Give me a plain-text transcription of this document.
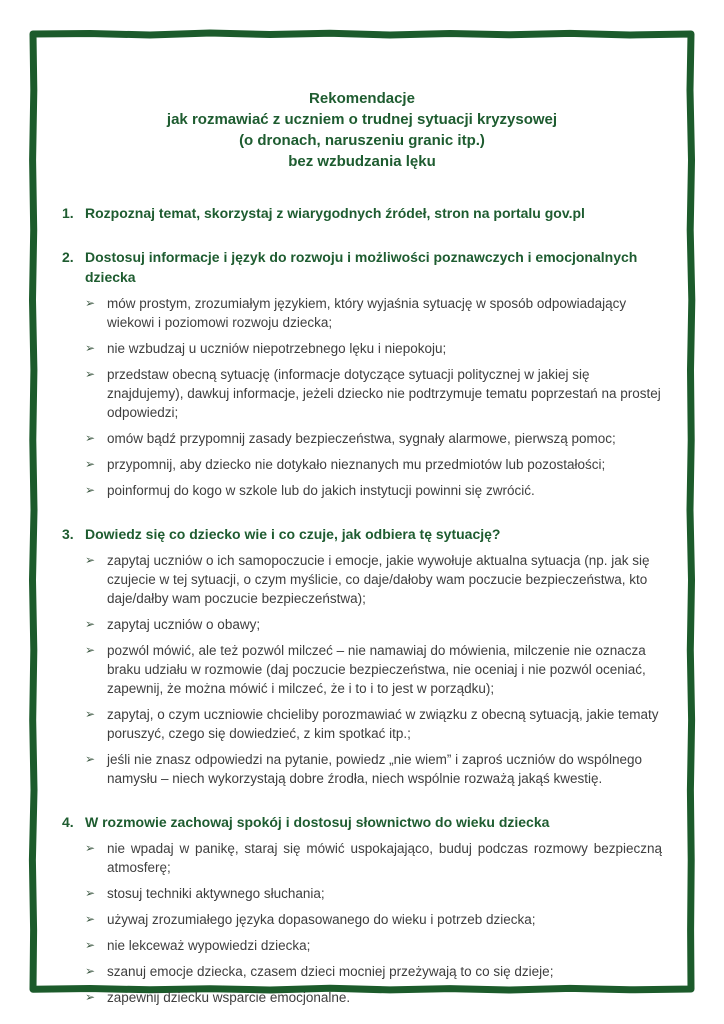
Rekomendacje
jak rozmawiać z uczniem o trudnej sytuacji kryzysowej
(o dronach, naruszeniu granic itp.)
bez wzbudzania lęku
1. Rozpoznaj temat, skorzystaj z wiarygodnych źródeł, stron na portalu gov.pl
2. Dostosuj informacje i język do rozwoju i możliwości poznawczych i emocjonalnych dziecka
➢ mów prostym, zrozumiałym językiem, który wyjaśnia sytuację w sposób odpowiadający wiekowi i poziomowi rozwoju dziecka;
➢ nie wzbudzaj u uczniów niepotrzebnego lęku i niepokoju;
➢ przedstaw obecną sytuację (informacje dotyczące sytuacji politycznej w jakiej się znajdujemy), dawkuj informacje, jeżeli dziecko nie podtrzymuje tematu poprzestań na prostej odpowiedzi;
➢ omów bądź przypomnij zasady bezpieczeństwa, sygnały alarmowe, pierwszą pomoc;
➢ przypomnij, aby dziecko nie dotykało nieznanych mu przedmiotów lub pozostałości;
➢ poinformuj do kogo w szkole lub do jakich instytucji powinni się zwrócić.
3. Dowiedz się co dziecko wie i co czuje, jak odbiera tę sytuację?
➢ zapytaj uczniów o ich samopoczucie i emocje, jakie wywołuje aktualna sytuacja (np. jak się czujecie w tej sytuacji, o czym myślicie, co daje/dałoby wam poczucie bezpieczeństwa, kto daje/dałby wam poczucie bezpieczeństwa);
➢ zapytaj uczniów o obawy;
➢ pozwól mówić, ale też pozwól milczeć – nie namawiaj do mówienia, milczenie nie oznacza braku udziału w rozmowie (daj poczucie bezpieczeństwa, nie oceniaj i nie pozwól oceniać, zapewnij, że można mówić i milczeć, że i to i to jest w porządku);
➢ zapytaj, o czym uczniowie chcieliby porozmawiać w związku z obecną sytuacją, jakie tematy poruszyć, czego się dowiedzieć, z kim spotkać itp.;
➢ jeśli nie znasz odpowiedzi na pytanie, powiedz „nie wiem” i zaproś uczniów do wspólnego namysłu – niech wykorzystają dobre źrodła, niech wspólnie rozważą jakąś kwestię.
4. W rozmowie zachowaj spokój i dostosuj słownictwo do wieku dziecka
➢ nie wpadaj w panikę, staraj się mówić uspokajająco, buduj podczas rozmowy bezpieczną atmosferę;
➢ stosuj techniki aktywnego słuchania;
➢ używaj zrozumiałego języka dopasowanego do wieku i potrzeb dziecka;
➢ nie lekceważ wypowiedzi dziecka;
➢ szanuj emocje dziecka, czasem dzieci mocniej przeżywają to co się dzieje;
➢ zapewnij dziecku wsparcie emocjonalne.
